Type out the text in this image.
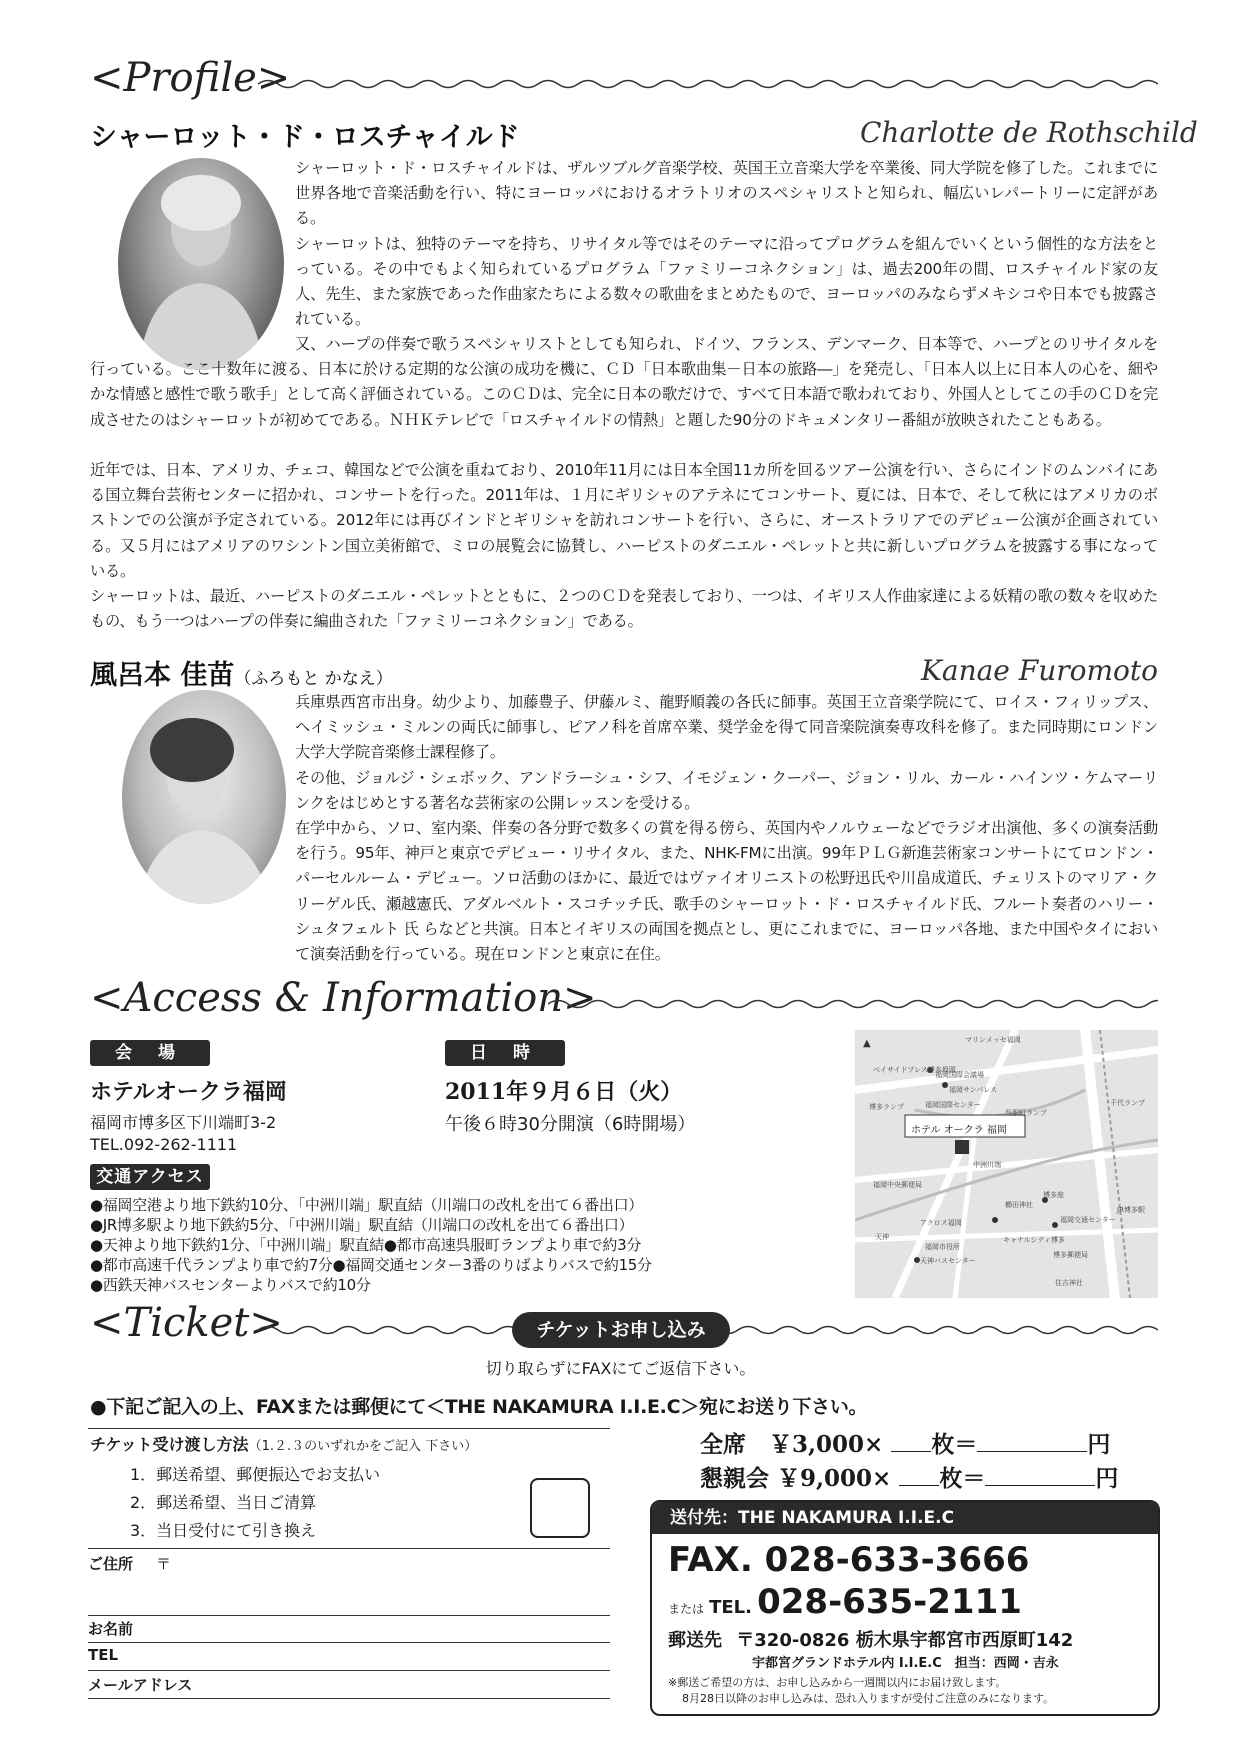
<Profile>
シャーロット・ド・ロスチャイルド	Charlotte de Rothschild

シャーロット・ド・ロスチャイルドは、ザルツブルグ音楽学校、英国王立音楽大学を卒業後、同大学院を修了した。これまでに世界各地で音楽活動を行い、特にヨーロッパにおけるオラトリオのスペシャリストと知られ、幅広いレパートリーに定評がある。

シャーロットは、独特のテーマを持ち、リサイタル等ではそのテーマに沿ってプログラムを組んでいくという個性的な方法をとっている。その中でもよく知られているプログラム「ファミリーコネクション」は、過去200年の間、ロスチャイルド家の友人、先生、また家族であった作曲家たちによる数々の歌曲をまとめたもので、ヨーロッパのみならずメキシコや日本でも披露されている。

又、ハープの伴奏で歌うスペシャリストとしても知られ、ドイツ、フランス、デンマーク、日本等で、ハープとのリサイタルを行っている。ここ十数年に渡る、日本に於ける定期的な公演の成功を機に、ＣＤ「日本歌曲集－日本の旅路―」を発売し、「日本人以上に日本人の心を、細やかな情感と感性で歌う歌手」として高く評価されている。このＣＤは、完全に日本の歌だけで、すべて日本語で歌われており、外国人としてこの手のＣＤを完成させたのはシャーロットが初めてである。ＮＨＫテレビで「ロスチャイルドの情熱」と題した90分のドキュメンタリー番組が放映されたこともある。

近年では、日本、アメリカ、チェコ、韓国などで公演を重ねており、2010年11月には日本全国11カ所を回るツアー公演を行い、さらにインドのムンバイにある国立舞台芸術センターに招かれ、コンサートを行った。2011年は、１月にギリシャのアテネにてコンサート、夏には、日本で、そして秋にはアメリカのボストンでの公演が予定されている。2012年には再びインドとギリシャを訪れコンサートを行い、さらに、オーストラリアでのデビュー公演が企画されている。又５月にはアメリアのワシントン国立美術館で、ミロの展覧会に協賛し、ハーピストのダニエル・ペレットと共に新しいプログラムを披露する事になっている。

シャーロットは、最近、ハーピストのダニエル・ペレットとともに、２つのＣＤを発表しており、一つは、イギリス人作曲家達による妖精の歌の数々を収めたもの、もう一つはハープの伴奏に編曲された「ファミリーコネクション」である。

風呂本 佳苗（ふろもと かなえ）	Kanae Furomoto

兵庫県西宮市出身。幼少より、加藤豊子、伊藤ルミ、龍野順義の各氏に師事。英国王立音楽学院にて、ロイス・フィリップス、ヘイミッシュ・ミルンの両氏に師事し、ピアノ科を首席卒業、奨学金を得て同音楽院演奏専攻科を修了。また同時期にロンドン大学大学院音楽修士課程修了。

その他、ジョルジ・シェボック、アンドラーシュ・シフ、イモジェン・クーパー、ジョン・リル、カール・ハインツ・ケムマーリンクをはじめとする著名な芸術家の公開レッスンを受ける。

在学中から、ソロ、室内楽、伴奏の各分野で数多くの賞を得る傍ら、英国内やノルウェーなどでラジオ出演他、多くの演奏活動を行う。95年、神戸と東京でデビュー・リサイタル、また、NHK-FMに出演。99年ＰＬＧ新進芸術家コンサートにてロンドン・パーセルルーム・デビュー。ソロ活動のほかに、最近ではヴァイオリニストの松野迅氏や川畠成道氏、チェリストのマリア・クリーゲル氏、瀬越憲氏、アダルベルト・スコチッチ氏、歌手のシャーロット・ド・ロスチャイルド氏、フルート奏者のハリー・シュタフェルト 氏 らなどと共演。日本とイギリスの両国を拠点とし、更にこれまでに、ヨーロッパ各地、また中国やタイにおいて演奏活動を行っている。現在ロンドンと東京に在住。

<Access & Information>
会 場
ホテルオークラ福岡
福岡市博多区下川端町3-2
TEL.092-262-1111
日 時
2011年９月６日（火）
午後６時30分開演（6時開場）
交通アクセス
●福岡空港より地下鉄約10分、「中洲川端」駅直結（川端口の改札を出て６番出口）
●JR博多駅より地下鉄約5分、「中洲川端」駅直結（川端口の改札を出て６番出口）
●天神より地下鉄約1分、「中洲川端」駅直結●都市高速呉服町ランプより車で約3分
●都市高速千代ランプより車で約7分●福岡交通センター3番のりばよりバスで約15分
●西鉄天神バスセンターよりバスで約10分
ホテル オークラ 福岡
マリンメッセ福岡
ベイサイドプレス博多埠頭
福岡国際会議場
福岡サンパレス
福岡国際センター
博多ランプ
呉服町ランプ
千代ランプ
中洲川端
福岡中央郵便局
天神
アクロス福岡
福岡市役所
天神バスセンター
博多座
キャナルシティ博多
博多郵便局
JR博多駅
住吉神社
櫛田神社
福岡交通センター
▲
<Ticket>	チケットお申し込み
切り取らずにFAXにてご返信下さい。
●下記ご記入の上、FAXまたは郵便にて＜THE NAKAMURA I.I.E.C＞宛にお送り下さい。
チケット受け渡し方法（1.２.３のいずれかをご記入 下さい）
1．郵送希望、郵便振込でお支払い
2．郵送希望、当日ご清算
3．当日受付にて引き換え
ご住所 〒
お名前
TEL
メールアドレス
全席　￥3,000× 枚＝	円
懇親会 ￥9,000× 枚＝	円
送付先：THE NAKAMURA I.I.E.C
FAX. 028-633-3666
または TEL. 028-635-2111
郵送先 〒320-0826 栃木県宇都宮市西原町142
宇都宮グランドホテル内 I.I.E.C　担当：西岡・吉永
※郵送ご希望の方は、お申し込みから一週間以内にお届け致します。
8月28日以降のお申し込みは、恐れ入りますが受付ご注意のみになります。
